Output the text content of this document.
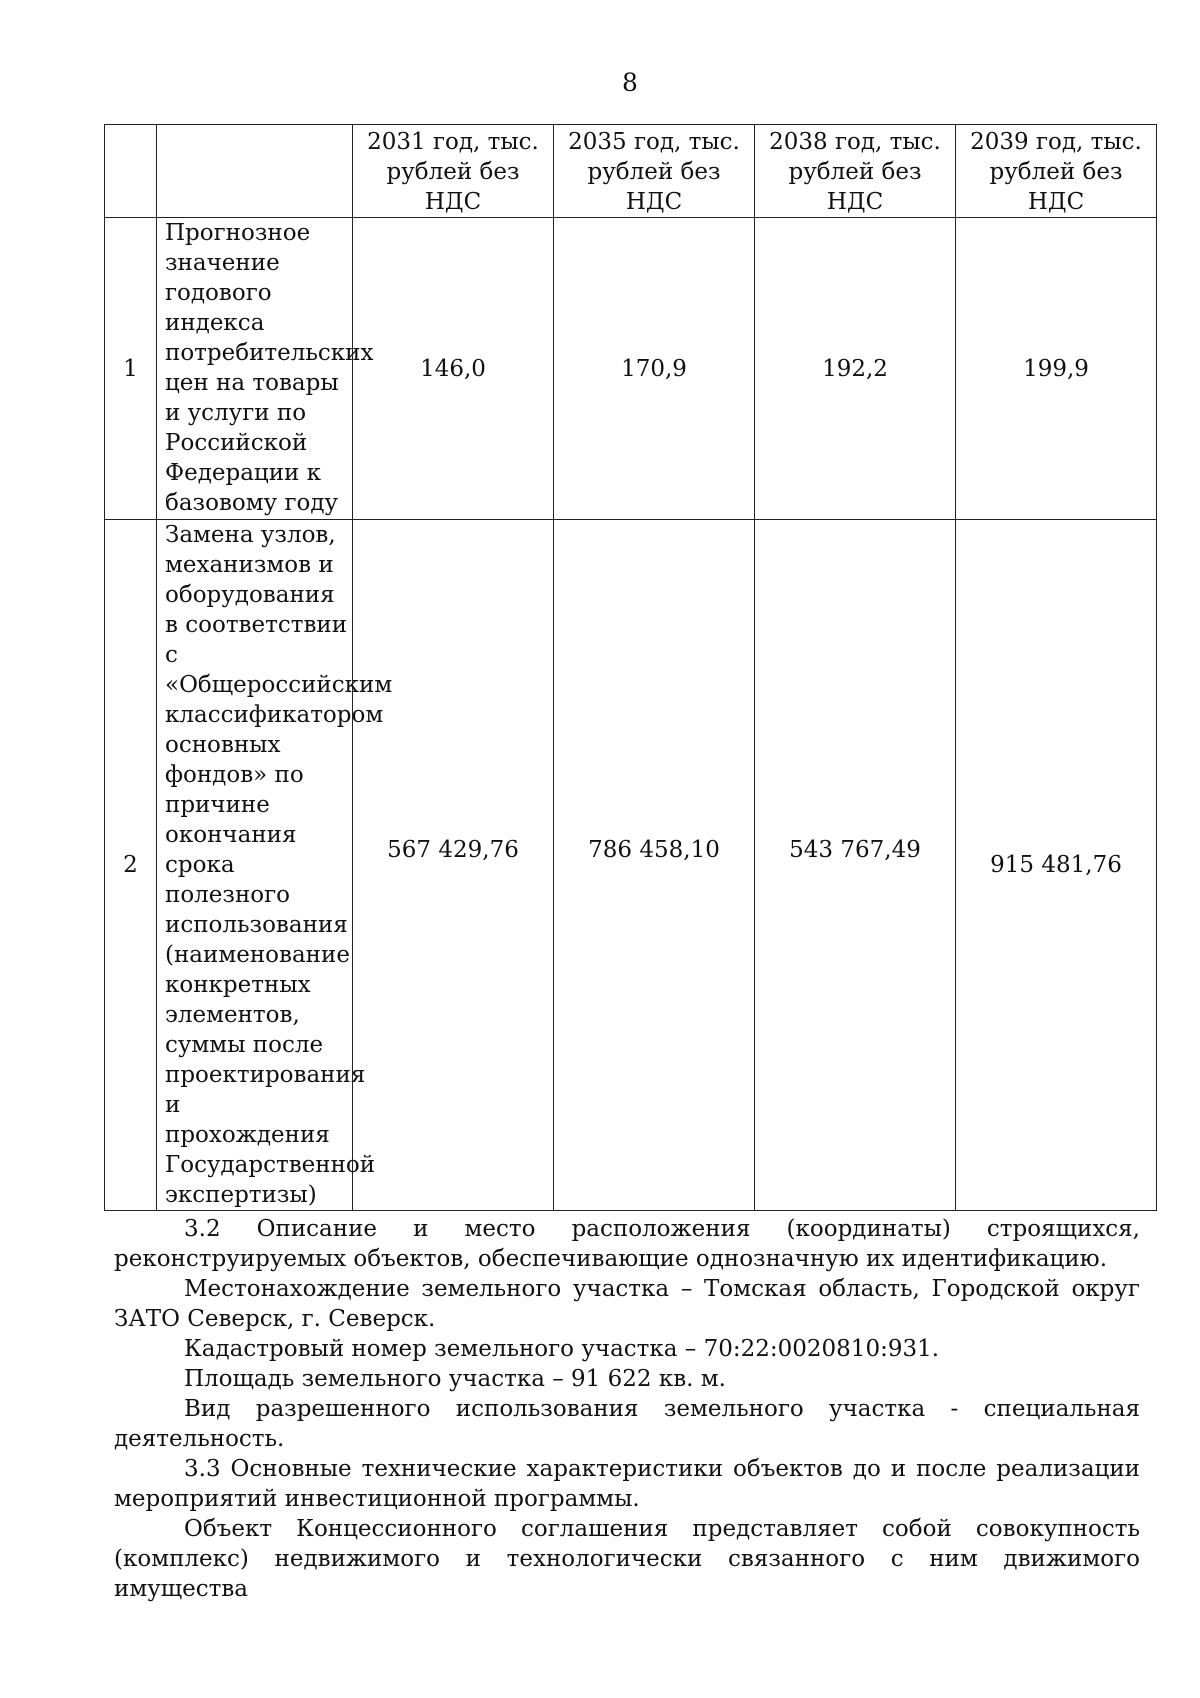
8
		2031 год, тыс. рублей без НДС	2035 год, тыс. рублей без НДС	2038 год, тыс. рублей без НДС	2039 год, тыс. рублей без НДС
1	Прогнозное значение годового индекса потребительских цен на товары и услуги по Российской Федерации к базовому году	146,0	170,9	192,2	199,9
2	Замена узлов, механизмов и оборудования в соответствии с «Общероссийским классификатором основных фондов» по причине окончания срока полезного использования (наименование конкретных элементов, суммы после проектирования и прохождения Государственной экспертизы)	567 429,76	786 458,10	543 767,49	915 481,76

3.2 Описание и место расположения (координаты) строящихся, реконструируемых объектов, обеспечивающие однозначную их идентификацию.

Местонахождение земельного участка – Томская область, Городской округ ЗАТО Северск, г. Северск.

Кадастровый номер земельного участка – 70:22:0020810:931.

Площадь земельного участка – 91 622 кв. м.

Вид разрешенного использования земельного участка - специальная деятельность.

3.3 Основные технические характеристики объектов до и после реализации мероприятий инвестиционной программы.

Объект Концессионного соглашения представляет собой совокупность (комплекс) недвижимого и технологически связанного с ним движимого имущества
